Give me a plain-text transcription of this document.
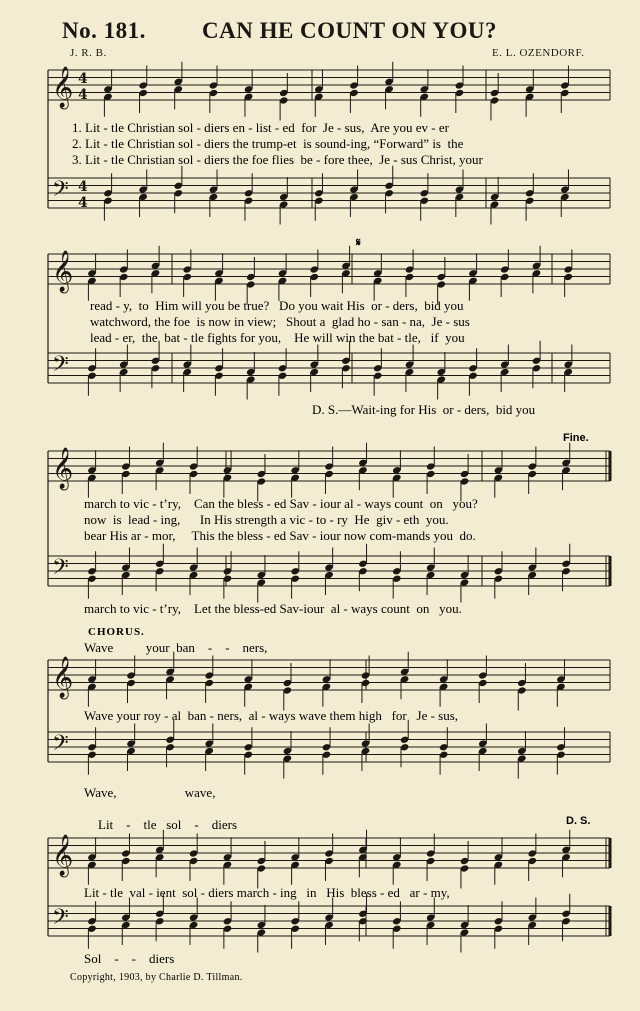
No. 181. CAN HE COUNT ON YOU?
J. R. B.	E. L. OZENDORF.
𝄞 4
4
𝄢 4
4
𝄞
𝄢
𝄞
𝄢
𝄞
𝄢
𝄞
𝄢
1. Lit - tle Christian sol - diers en - list - ed  for  Je - sus,  Are you ev - er
2. Lit - tle Christian sol - diers the trump-et  is sound-ing, “Forward” is  the
3. Lit - tle Christian sol - diers the foe flies  be - fore thee,  Je - sus Christ, your
𝄋
read - y,  to  Him will you be true?   Do you wait His  or - ders,  bid you
watchword, the foe  is now in view;   Shout a  glad ho - san - na,  Je - sus
lead - er,  the  bat - tle fights for you,    He will win the bat - tle,   if  you
D. S.—Wait-ing for His  or - ders,  bid you
Fine.
march to vic - t’ry,    Can the bless - ed Sav - iour al - ways count  on   you?
now  is  lead - ing,      In His strength a vic - to - ry  He  giv - eth  you.
bear His ar - mor,     This the bless - ed Sav - iour now com-mands you  do.
march to vic - t’ry,    Let the bless-ed Sav-iour  al - ways count  on   you.
CHORUS.
Wave          your  ban    -    -    ners,
Wave your roy - al  ban - ners,  al - ways wave them high   for   Je - sus,
Wave,                     wave,
Lit    -    tle   sol    -    diers	D. S.
Lit - tle  val - ient  sol - diers march - ing   in   His  bless - ed   ar - my,
Sol    -    -    diers
Copyright, 1903, by Charlie D. Tillman.
